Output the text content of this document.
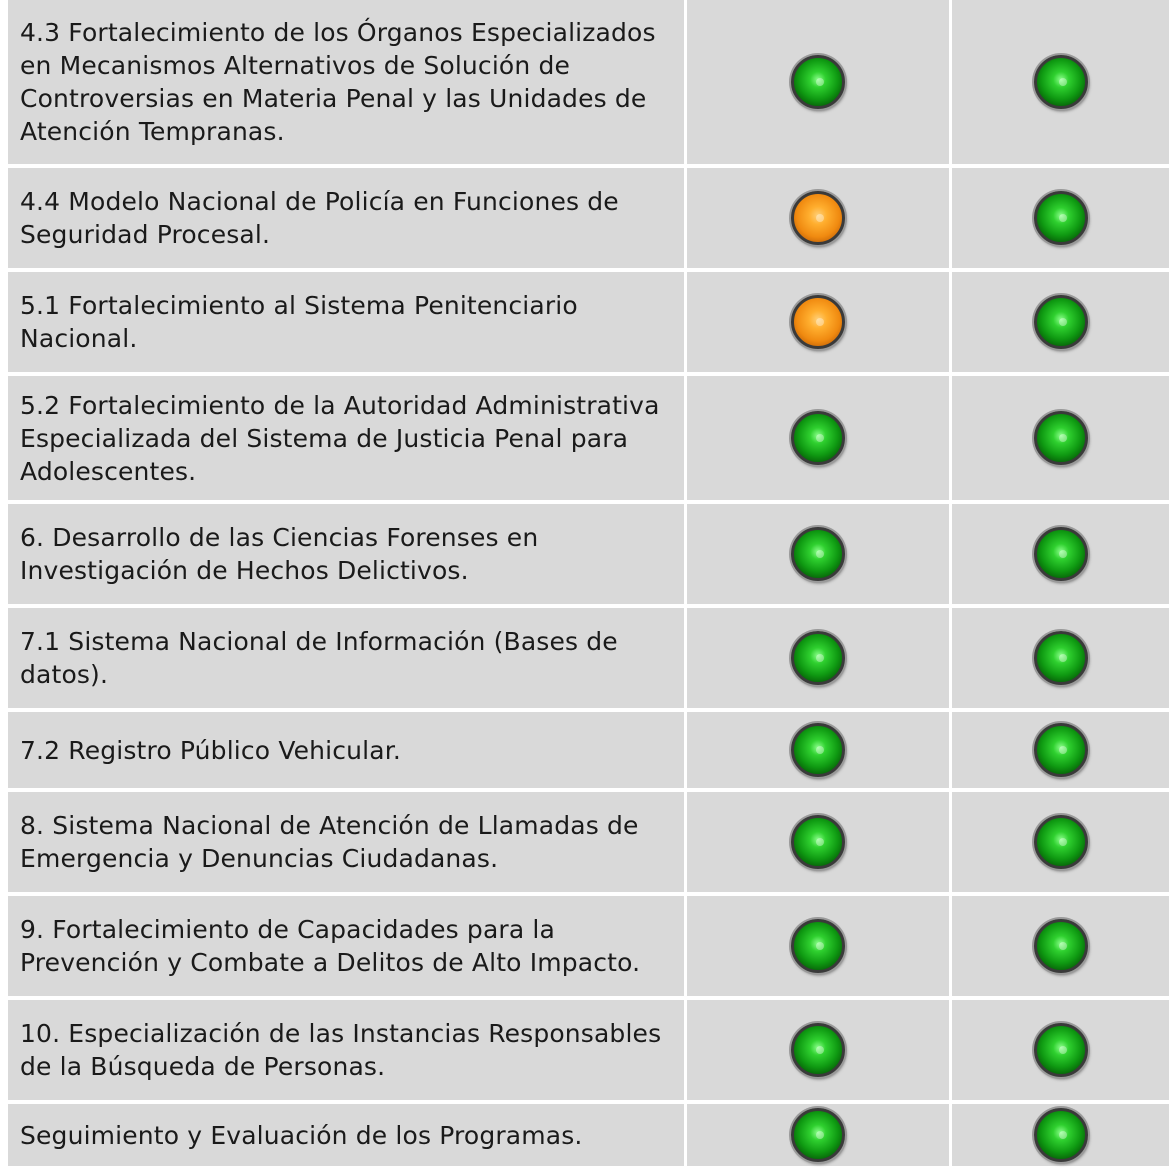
4.3 Fortalecimiento de los Órganos Especializados en Mecanismos Alternativos de Solución de Controversias en Materia Penal y las Unidades de Atención Tempranas.
4.4 Modelo Nacional de Policía en Funciones de Seguridad Procesal.
5.1 Fortalecimiento al Sistema Penitenciario Nacional.
5.2 Fortalecimiento de la Autoridad Administrativa Especializada del Sistema de Justicia Penal para Adolescentes.
6. Desarrollo de las Ciencias Forenses en Investigación de Hechos Delictivos.
7.1 Sistema Nacional de Información (Bases de datos).
7.2 Registro Público Vehicular.
8. Sistema Nacional de Atención de Llamadas de Emergencia y Denuncias Ciudadanas.
9. Fortalecimiento de Capacidades para la Prevención y Combate a Delitos de Alto Impacto.
10. Especialización de las Instancias Responsables de la Búsqueda de Personas.
Seguimiento y Evaluación de los Programas.
